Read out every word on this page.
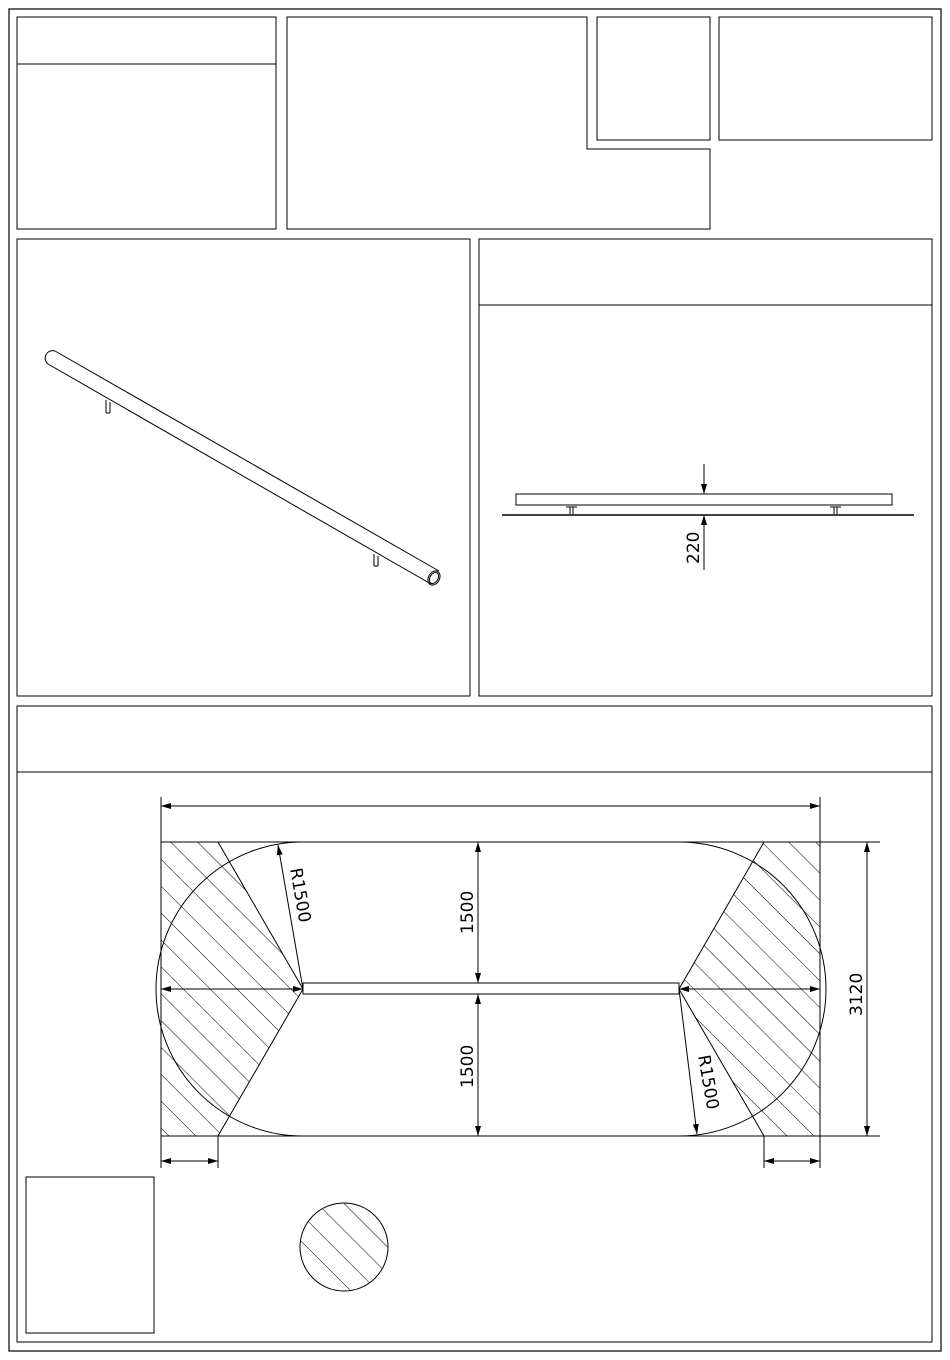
220
3120
1500
1500
R1500
R1500
